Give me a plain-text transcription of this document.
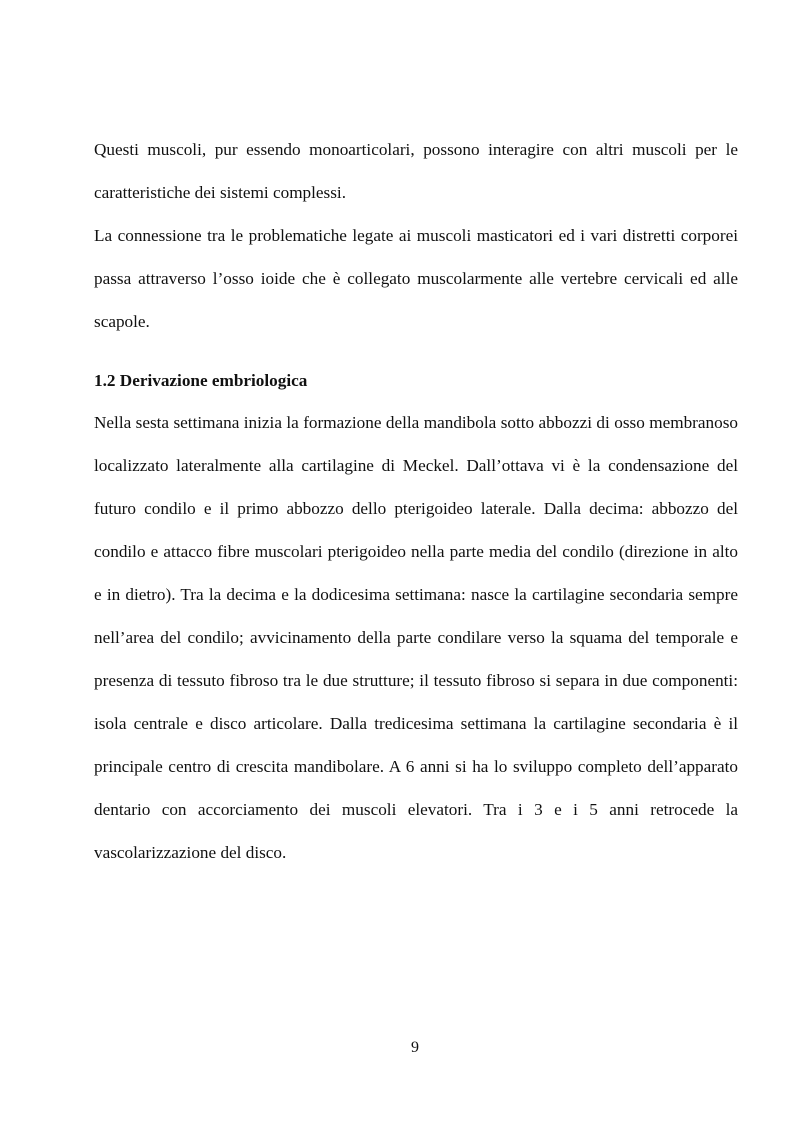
Questi muscoli, pur essendo monoarticolari, possono interagire con altri muscoli per le caratteristiche dei sistemi complessi.

La connessione tra le problematiche legate ai muscoli masticatori ed i vari distretti corporei passa attraverso l’osso ioide che è collegato muscolarmente alle vertebre cervicali ed alle scapole.

1.2 Derivazione embriologica

Nella sesta settimana inizia la formazione della mandibola sotto abbozzi di osso membranoso localizzato lateralmente alla cartilagine di Meckel. Dall’ottava vi è la condensazione del futuro condilo e il primo abbozzo dello pterigoideo laterale. Dalla decima: abbozzo del condilo e attacco fibre muscolari pterigoideo nella parte media del condilo (direzione in alto e in dietro). Tra la decima e la dodicesima settimana: nasce la cartilagine secondaria sempre nell’area del condilo; avvicinamento della parte condilare verso la squama del temporale e presenza di tessuto fibroso tra le due strutture; il tessuto fibroso si separa in due componenti: isola centrale e disco articolare. Dalla tredicesima settimana la cartilagine secondaria è il principale centro di crescita mandibolare. A 6 anni si ha lo sviluppo completo dell’apparato dentario con accorciamento dei muscoli elevatori. Tra i 3 e i 5 anni retrocede la vascolarizzazione del disco.

9
